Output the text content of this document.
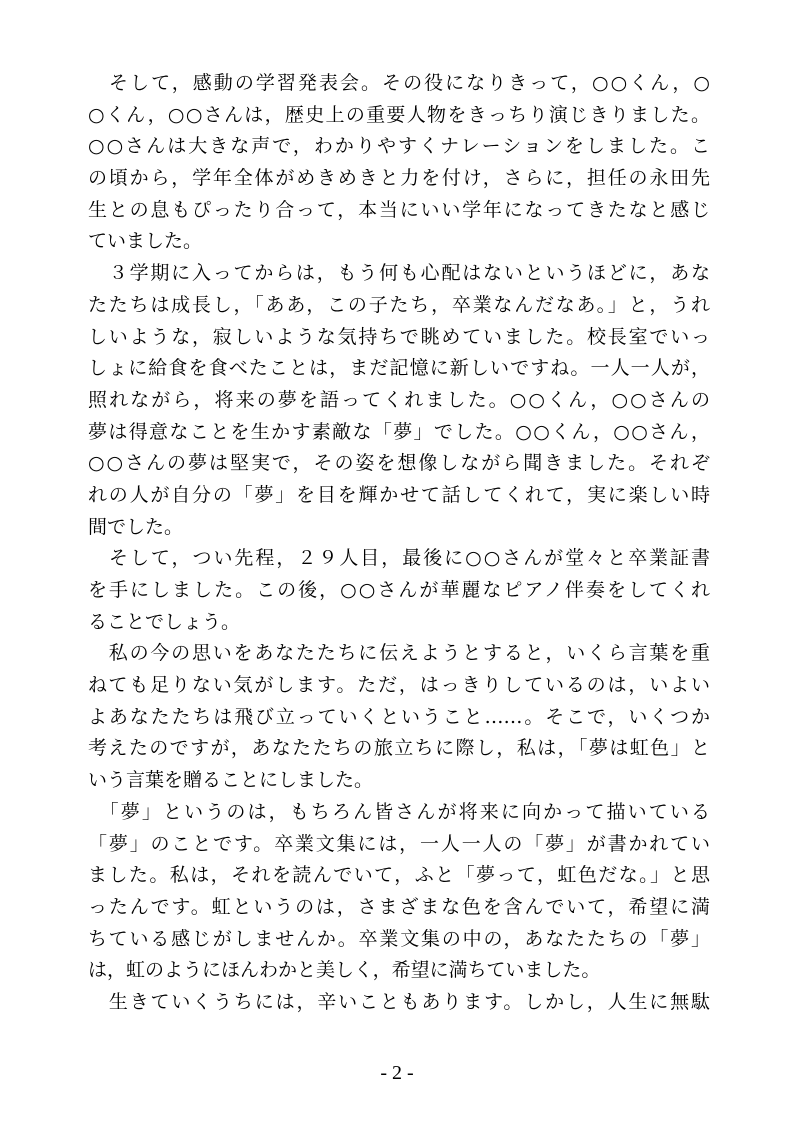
　そして，感動の学習発表会。その役になりきって，○○くん，○
○くん，○○さんは，歴史上の重要人物をきっちり演じきりました。
○○さんは大きな声で，わかりやすくナレーションをしました。こ
の頃から，学年全体がめきめきと力を付け，さらに，担任の永田先
生との息もぴったり合って，本当にいい学年になってきたなと感じ
ていました。
　３学期に入ってからは，もう何も心配はないというほどに，あな
たたちは成長し，「ああ，この子たち，卒業なんだなあ。」と，うれ
しいような，寂しいような気持ちで眺めていました。校長室でいっ
しょに給食を食べたことは，まだ記憶に新しいですね。一人一人が，
照れながら，将来の夢を語ってくれました。○○くん，○○さんの
夢は得意なことを生かす素敵な「夢」でした。○○くん，○○さん，
○○さんの夢は堅実で，その姿を想像しながら聞きました。それぞ
れの人が自分の「夢」を目を輝かせて話してくれて，実に楽しい時
間でした。
　そして，つい先程，２９人目，最後に○○さんが堂々と卒業証書
を手にしました。この後，○○さんが華麗なピアノ伴奏をしてくれ
ることでしょう。
　私の今の思いをあなたたちに伝えようとすると，いくら言葉を重
ねても足りない気がします。ただ，はっきりしているのは，いよい
よあなたたちは飛び立っていくということ……。そこで，いくつか
考えたのですが，あなたたちの旅立ちに際し，私は，「夢は虹色」と
いう言葉を贈ることにしました。
　「夢」というのは，もちろん皆さんが将来に向かって描いている
「夢」のことです。卒業文集には，一人一人の「夢」が書かれてい
ました。私は，それを読んでいて，ふと「夢って，虹色だな。」と思
ったんです。虹というのは，さまざまな色を含んでいて，希望に満
ちている感じがしませんか。卒業文集の中の，あなたたちの「夢」
は，虹のようにほんわかと美しく，希望に満ちていました。
　生きていくうちには，辛いこともあります。しかし，人生に無駄
- 2 -
